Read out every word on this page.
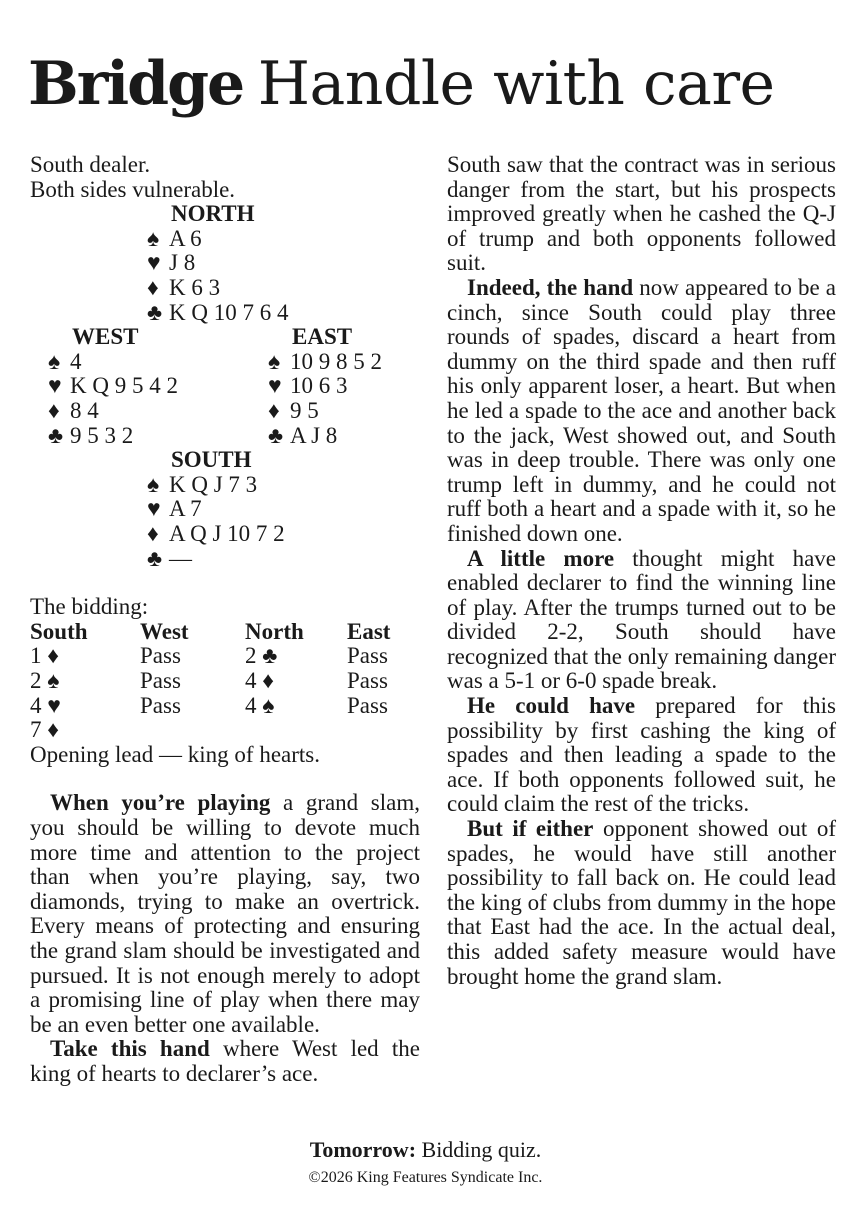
Bridge Handle with care
South dealer.
Both sides vulnerable.
NORTH
♠ A 6
♥ J 8
♦ K 6 3
♣ K Q 10 7 6 4
WEST
♠ 4
♥ K Q 9 5 4 2
♦ 8 4
♣ 9 5 3 2
EAST
♠ 10 9 8 5 2
♥ 10 6 3
♦ 9 5
♣ A J 8
SOUTH
♠ K Q J 7 3
♥ A 7
♦ A Q J 10 7 2
♣ —
The bidding:
South	West	North	East
1 ♦	Pass	2 ♣	Pass
2 ♠	Pass	4 ♦	Pass
4 ♥	Pass	4 ♠	Pass
7 ♦
Opening lead — king of hearts.

When you’re playing a grand slam, you should be willing to devote much more time and attention to the project than when you’re playing, say, two diamonds, trying to make an overtrick. Every means of protecting and ensuring the grand slam should be investigated and pursued. It is not enough merely to adopt a promising line of play when there may be an even better one available.

Take this hand where West led the king of hearts to declarer’s ace.

South saw that the contract was in serious danger from the start, but his prospects improved greatly when he cashed the Q-J of trump and both opponents followed suit.

Indeed, the hand now appeared to be a cinch, since South could play three rounds of spades, discard a heart from dummy on the third spade and then ruff his only apparent loser, a heart. But when he led a spade to the ace and another back to the jack, West showed out, and South was in deep trouble. There was only one trump left in dummy, and he could not ruff both a heart and a spade with it, so he finished down one.

A little more thought might have enabled declarer to find the winning line of play. After the trumps turned out to be divided 2-2, South should have recognized that the only remaining danger was a 5-1 or 6-0 spade break.

He could have prepared for this possibility by first cashing the king of spades and then leading a spade to the ace. If both opponents followed suit, he could claim the rest of the tricks.

But if either opponent showed out of spades, he would have still another possibility to fall back on. He could lead the king of clubs from dummy in the hope that East had the ace. In the actual deal, this added safety measure would have brought home the grand slam.

Tomorrow: Bidding quiz.
©2026 King Features Syndicate Inc.
